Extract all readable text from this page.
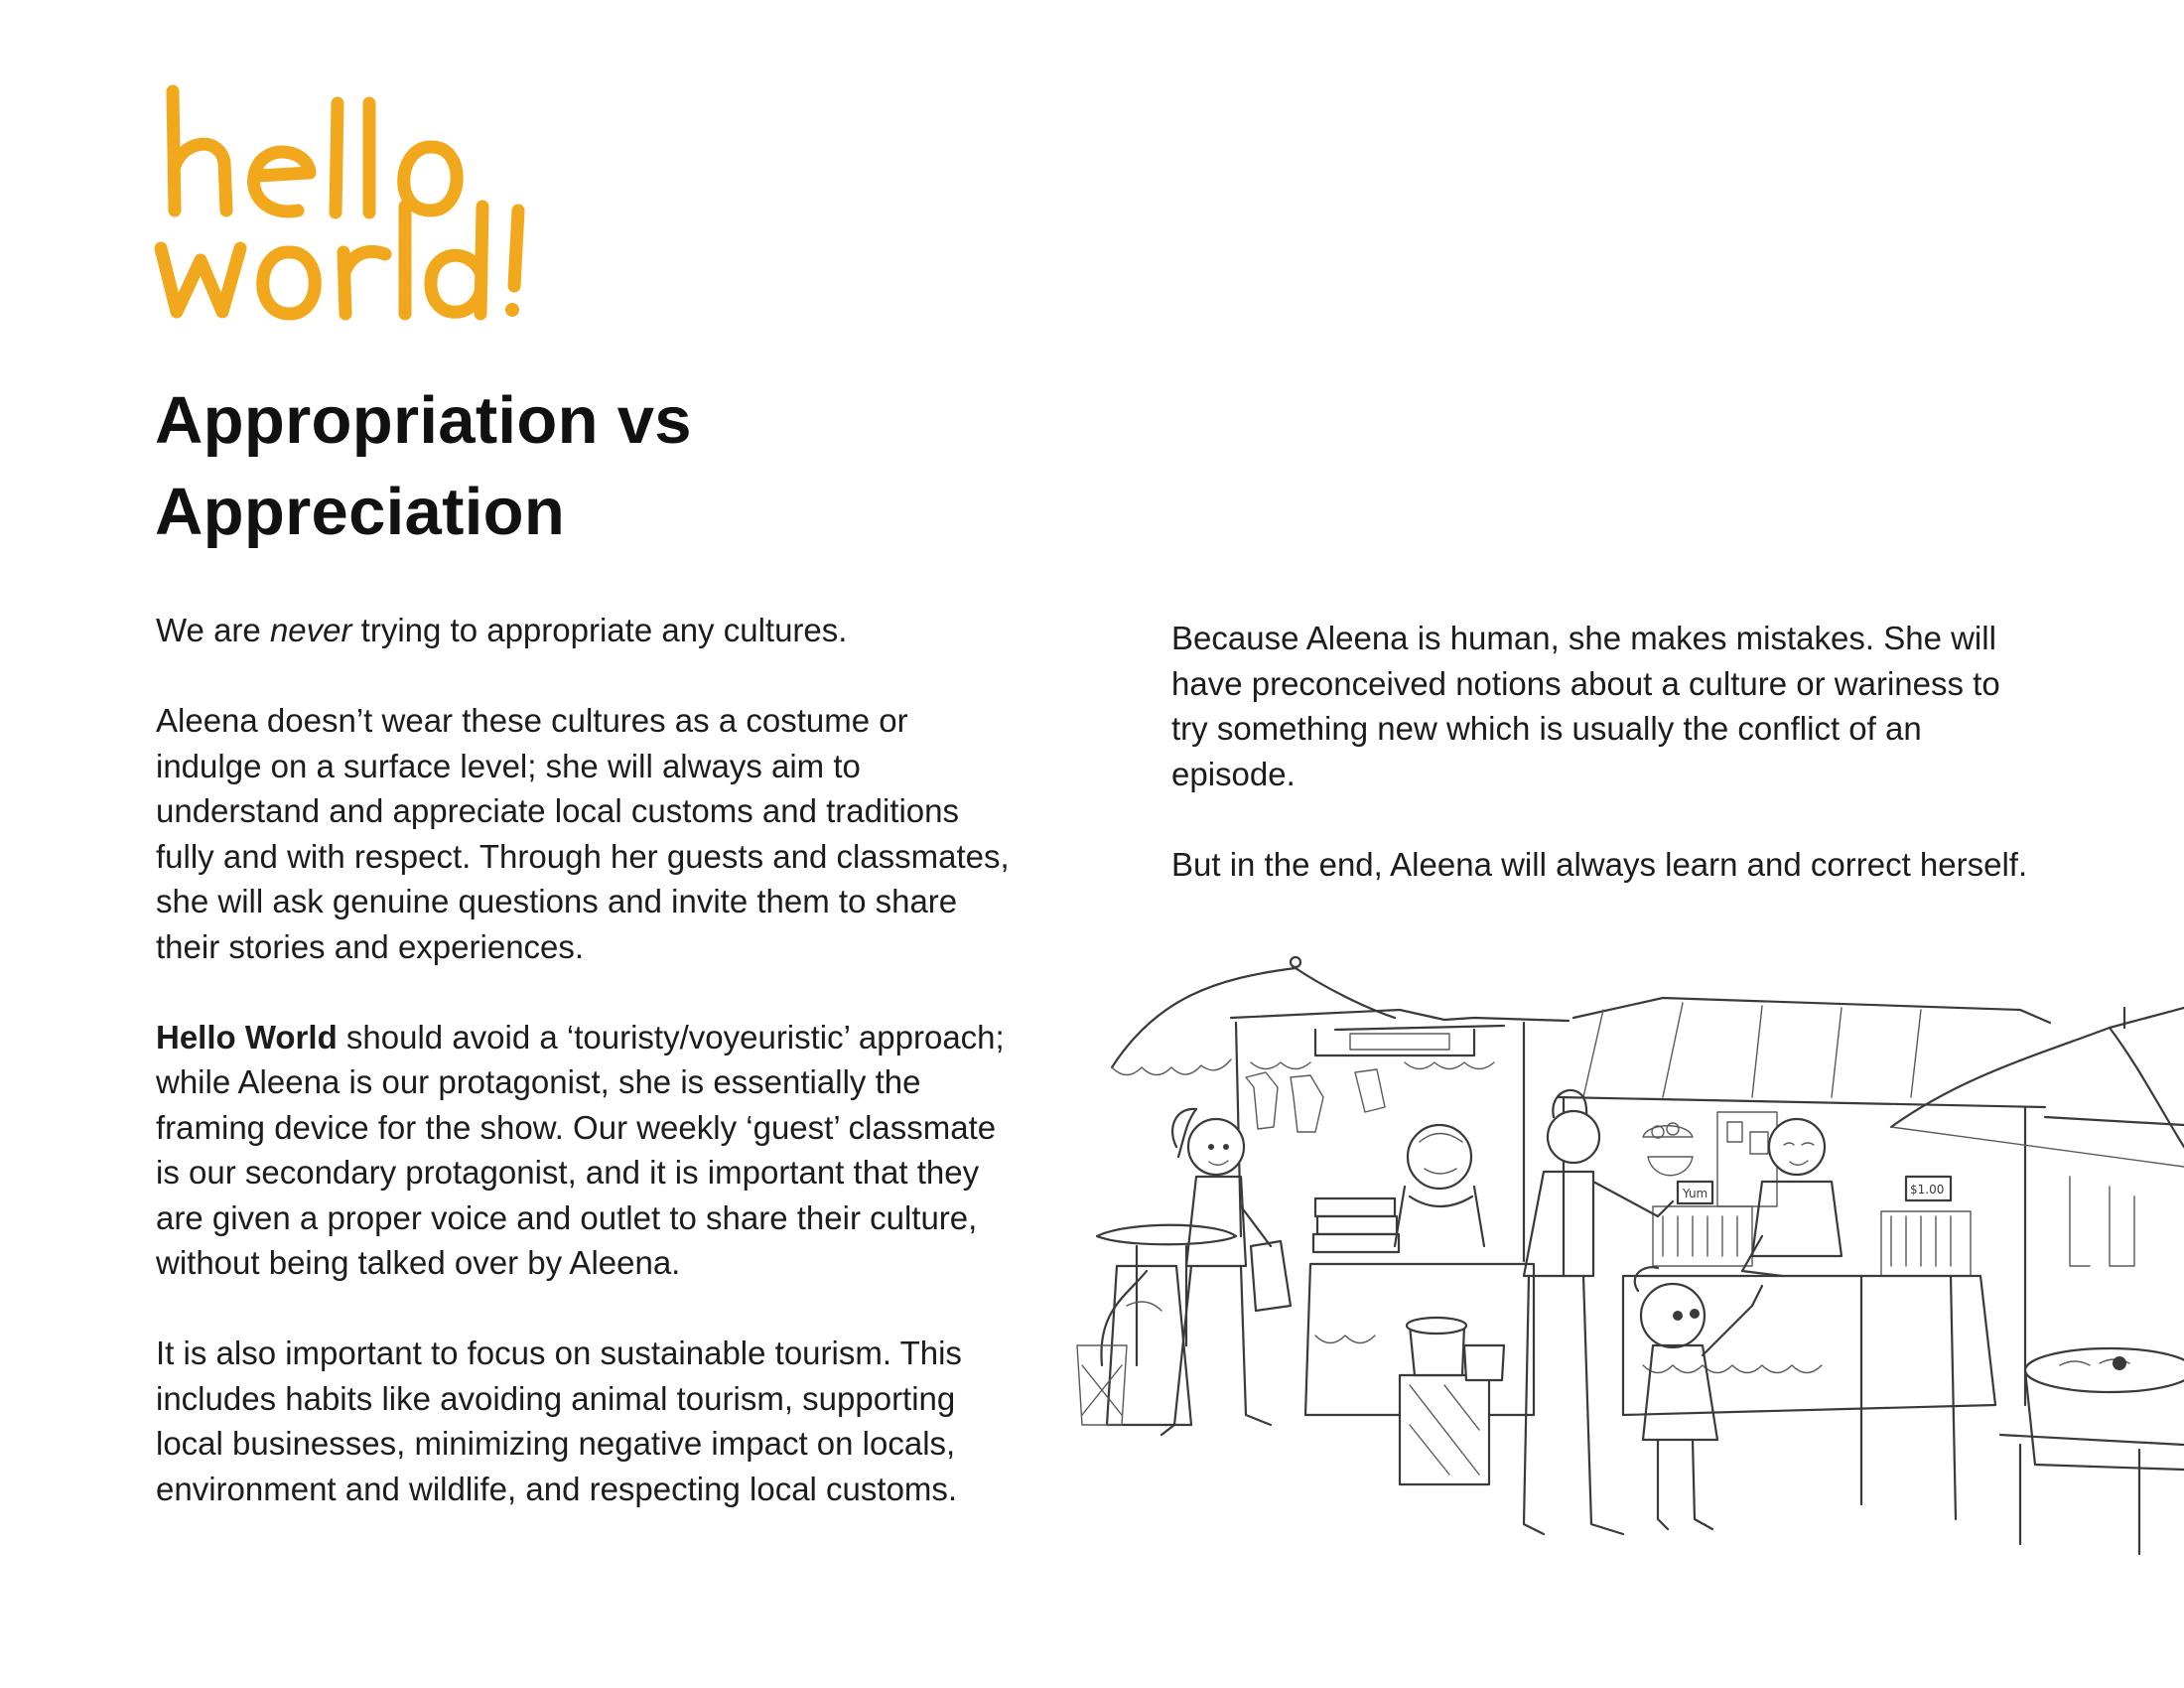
Appropriation vs
Appreciation

We are never trying to appropriate any cultures.

Aleena doesn’t wear these cultures as a costume or
indulge on a surface level; she will always aim to
understand and appreciate local customs and traditions
fully and with respect. Through her guests and classmates,
she will ask genuine questions and invite them to share
their stories and experiences.

Hello World should avoid a ‘touristy/voyeuristic’ approach;
while Aleena is our protagonist, she is essentially the
framing device for the show. Our weekly ‘guest’ classmate
is our secondary protagonist, and it is important that they
are given a proper voice and outlet to share their culture,
without being talked over by Aleena.

It is also important to focus on sustainable tourism. This
includes habits like avoiding animal tourism, supporting
local businesses, minimizing negative impact on locals,
environment and wildlife, and respecting local customs.

Because Aleena is human, she makes mistakes. She will
have preconceived notions about a culture or wariness to
try something new which is usually the conflict of an
episode.

But in the end, Aleena will always learn and correct herself.

Yum	$1.00
